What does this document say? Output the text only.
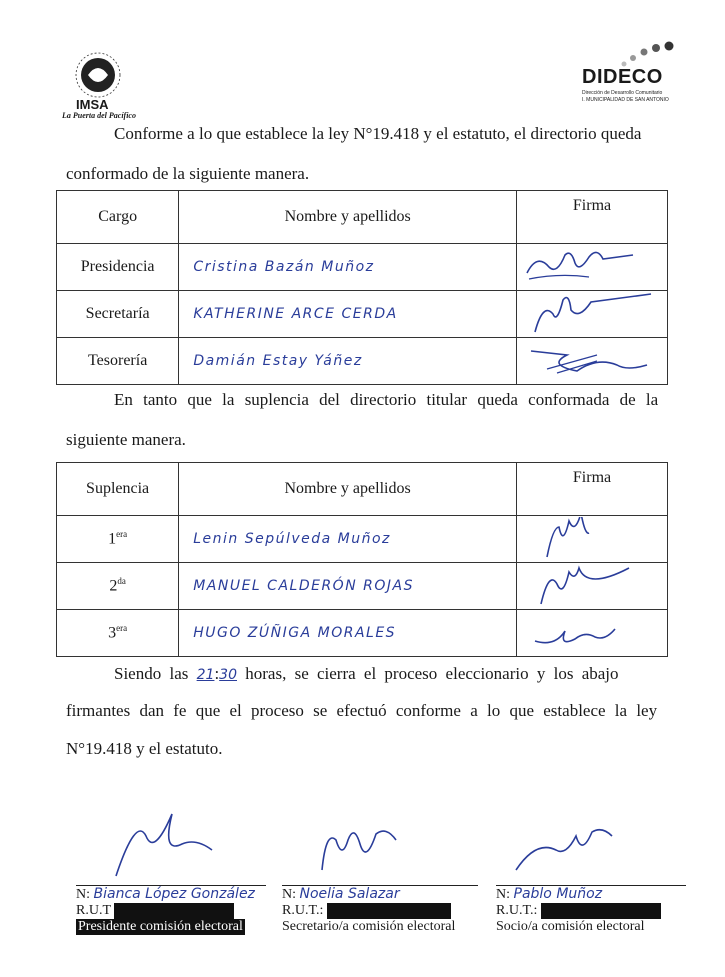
IMSA
La Puerta del Pacífico
DIDECO
Dirección de Desarrollo Comunitario
I. MUNICIPALIDAD DE SAN ANTONIO
Conforme a lo que establece la ley N°19.418 y el estatuto, el directorio queda
conformado de la siguiente manera.
Cargo	Nombre y apellidos	Firma
Presidencia	Cristina Bazán Muñoz	

Secretaría	KATHERINE ARCE CERDA	

Tesorería	Damián Estay Yáñez	
En tanto que la suplencia del directorio titular queda conformada de la
siguiente manera.
Suplencia	Nombre y apellidos	Firma
$1^{era}$	Lenin Sepúlveda Muñoz	

$2^{da}$	MANUEL CALDERÓN ROJAS	

$3^{era}$	HUGO ZÚÑIGA MORALES	
Siendo las 21:30 horas, se cierra el proceso eleccionario y los abajo
firmantes dan fe que el proceso se efectuó conforme a lo que establece la ley
N°19.418 y el estatuto.
N: Bianca López González
R.U.T .
Presidente comisión electoral
N: Noelia Salazar
R.U.T.: .
Secretario/a comisión electoral
N: Pablo Muñoz
R.U.T.: .
Socio/a comisión electoral
